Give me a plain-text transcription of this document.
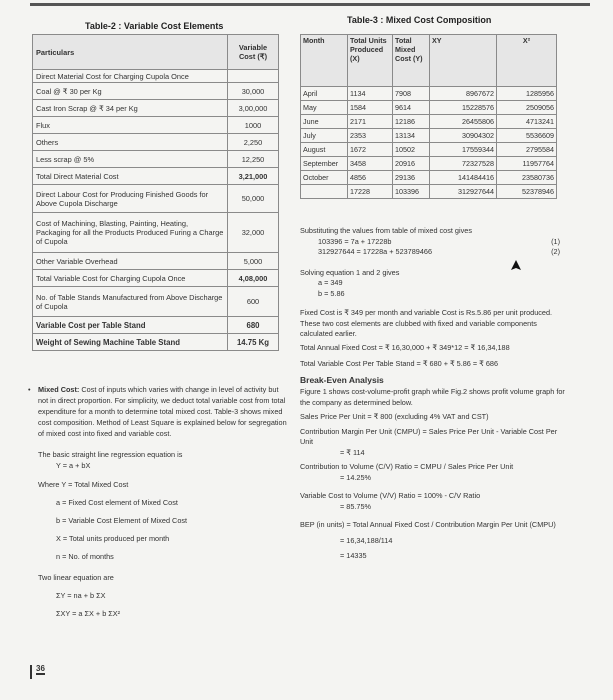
Table-2 : Variable Cost Elements
Particulars	Variable Cost (₹)
Direct Material Cost for Charging Cupola Once	
Coal @ ₹ 30 per Kg	30,000
Cast Iron Scrap @ ₹ 34 per Kg	3,00,000
Flux	1000
Others	2,250
Less scrap @ 5%	12,250
Total Direct Material Cost	3,21,000
Direct Labour Cost for Producing Finished Goods for Above Cupola Discharge	50,000
Cost of Machining, Blasting, Painting, Heating, Packaging for all the Products Produced Furing a Charge of Cupola	32,000
Other Variable Overhead	5,000
Total Variable Cost for Charging Cupola Once	4,08,000
No. of Table Stands Manufactured from Above Discharge of Cupola	600
Variable Cost per Table Stand	680
Weight of Sewing Machine Table Stand	14.75 Kg
Table-3 : Mixed Cost Composition
Month	Total Units Produced (X)	Total Mixed Cost (Y)	XY	X²
April	1134	7908	8967672	1285956
May	1584	9614	15228576	2509056
June	2171	12186	26455806	4713241
July	2353	13134	30904302	5536609
August	1672	10502	17559344	2795584
September	3458	20916	72327528	11957764
October	4856	29136	141484416	23580736
	17228	103396	312927644	52378946
• Mixed Cost: Cost of inputs which varies with change in level of activity but not in direct proportion. For simplicity, we deduct total variable cost from total expenditure for a month to determine total mixed cost. Table-3 shows mixed cost composition. Method of Least Square is explained below for segregation of mixed cost into fixed and variable cost.
The basic straight line regression equation is
Y = a + bX
Where Y = Total Mixed Cost
a = Fixed Cost element of Mixed Cost
b = Variable Cost Element of Mixed Cost
X = Total units produced per month
n = No. of months
Two linear equation are
ΣY = na + b ΣX
ΣXY = a ΣX + b ΣX²

Substituting the values from table of mixed cost gives

103396 = 7a + 17228b	(1)

312927644 = 17228a + 523789466	(2)

Solving equation 1 and 2 gives

a = 349

b = 5.86

Fixed Cost is ₹ 349 per month and variable Cost is Rs.5.86 per unit produced. These two cost elements are clubbed with fixed and variable components calculated earlier.

Total Annual Fixed Cost = ₹ 16,30,000 + ₹ 349*12 = ₹ 16,34,188

Total Variable Cost Per Table Stand = ₹ 680 + ₹ 5.86 = ₹ 686

Break-Even Analysis

Figure 1 shows cost-volume-profit graph while Fig.2 shows profit volume graph for the company as determined below.

Sales Price Per Unit = ₹ 800 (excluding 4% VAT and CST)

Contribution Margin Per Unit (CMPU) = Sales Price Per Unit - Variable Cost Per Unit

= ₹ 114

Contribution to Volume (C/V) Ratio = CMPU / Sales Price Per Unit

= 14.25%

Variable Cost to Volume (V/V) Ratio = 100% - C/V Ratio

= 85.75%

BEP (in units) = Total Annual Fixed Cost / Contribution Margin Per Unit (CMPU)

= 16,34,188/114

= 14335

36
